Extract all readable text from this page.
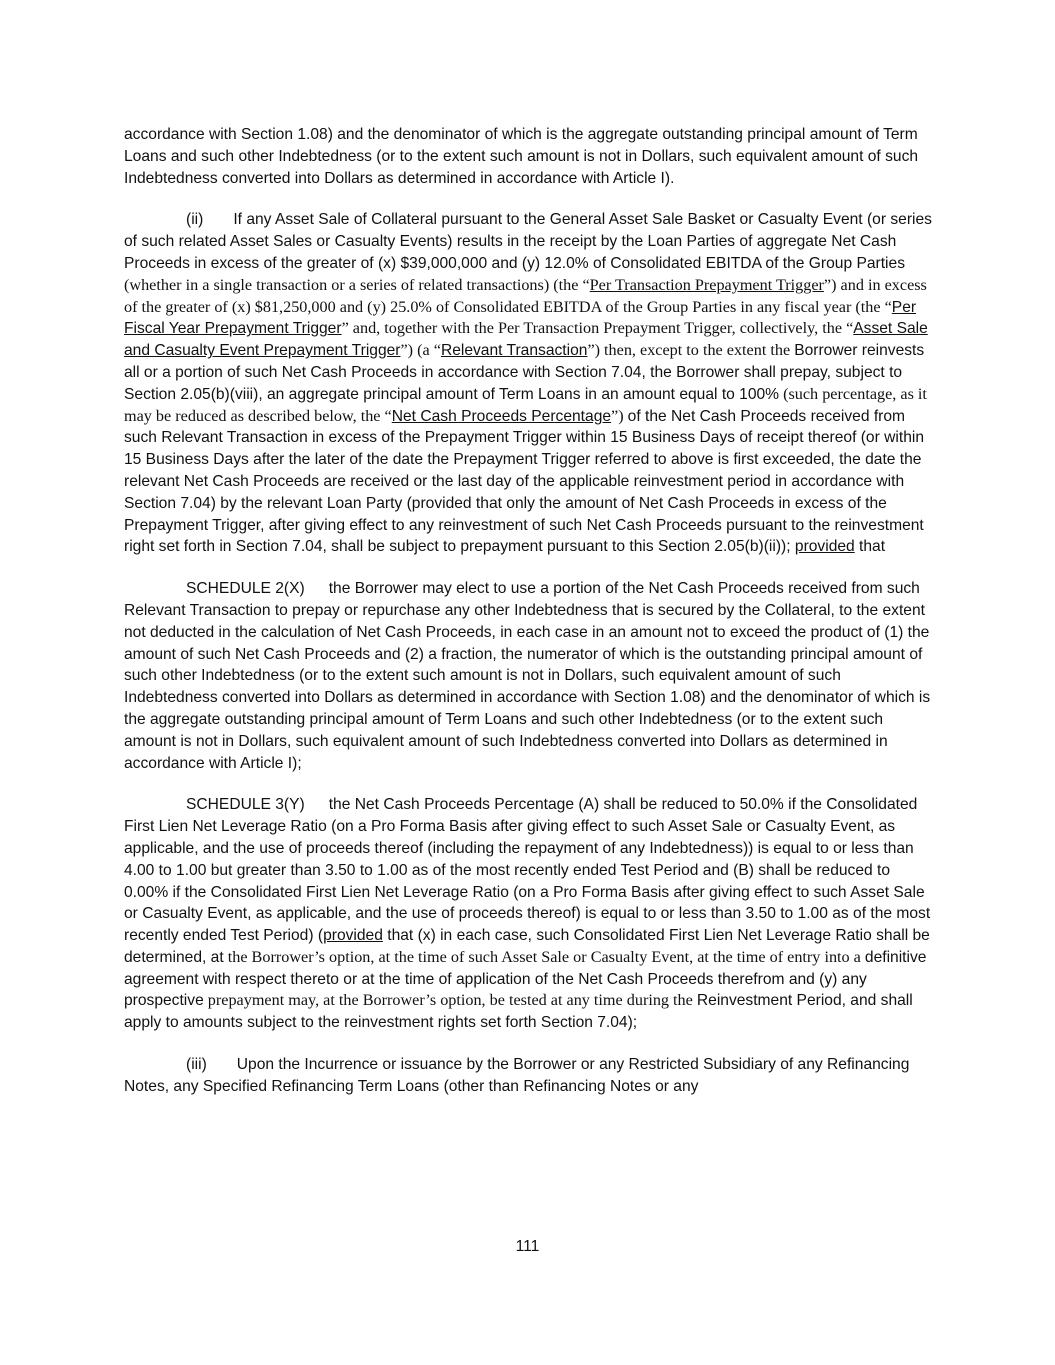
accordance with Section 1.08) and the denominator of which is the aggregate outstanding principal amount of Term Loans and such other Indebtedness (or to the extent such amount is not in Dollars, such equivalent amount of such Indebtedness converted into Dollars as determined in accordance with Article I).

(ii) If any Asset Sale of Collateral pursuant to the General Asset Sale Basket or Casualty Event (or series of such related Asset Sales or Casualty Events) results in the receipt by the Loan Parties of aggregate Net Cash Proceeds in excess of the greater of (x) $39,000,000 and (y) 12.0% of Consolidated EBITDA of the Group Parties (whether in a single transaction or a series of related transactions) (the “Per Transaction Prepayment Trigger”) and in excess of the greater of (x) $81,250,000 and (y) 25.0% of Consolidated EBITDA of the Group Parties in any fiscal year (the “Per Fiscal Year Prepayment Trigger” and, together with the Per Transaction Prepayment Trigger, collectively, the “Asset Sale and Casualty Event Prepayment Trigger”) (a “Relevant Transaction”) then, except to the extent the Borrower reinvests all or a portion of such Net Cash Proceeds in accordance with Section 7.04, the Borrower shall prepay, subject to Section 2.05(b)(viii), an aggregate principal amount of Term Loans in an amount equal to 100% (such percentage, as it may be reduced as described below, the “Net Cash Proceeds Percentage”) of the Net Cash Proceeds received from such Relevant Transaction in excess of the Prepayment Trigger within 15 Business Days of receipt thereof (or within 15 Business Days after the later of the date the Prepayment Trigger referred to above is first exceeded, the date the relevant Net Cash Proceeds are received or the last day of the applicable reinvestment period in accordance with Section 7.04) by the relevant Loan Party (provided that only the amount of Net Cash Proceeds in excess of the Prepayment Trigger, after giving effect to any reinvestment of such Net Cash Proceeds pursuant to the reinvestment right set forth in Section 7.04, shall be subject to prepayment pursuant to this Section 2.05(b)(ii)); provided that

SCHEDULE 2(X) the Borrower may elect to use a portion of the Net Cash Proceeds received from such Relevant Transaction to prepay or repurchase any other Indebtedness that is secured by the Collateral, to the extent not deducted in the calculation of Net Cash Proceeds, in each case in an amount not to exceed the product of (1) the amount of such Net Cash Proceeds and (2) a fraction, the numerator of which is the outstanding principal amount of such other Indebtedness (or to the extent such amount is not in Dollars, such equivalent amount of such Indebtedness converted into Dollars as determined in accordance with Section 1.08) and the denominator of which is the aggregate outstanding principal amount of Term Loans and such other Indebtedness (or to the extent such amount is not in Dollars, such equivalent amount of such Indebtedness converted into Dollars as determined in accordance with Article I);

SCHEDULE 3(Y) the Net Cash Proceeds Percentage (A) shall be reduced to 50.0% if the Consolidated First Lien Net Leverage Ratio (on a Pro Forma Basis after giving effect to such Asset Sale or Casualty Event, as applicable, and the use of proceeds thereof (including the repayment of any Indebtedness)) is equal to or less than 4.00 to 1.00 but greater than 3.50 to 1.00 as of the most recently ended Test Period and (B) shall be reduced to 0.00% if the Consolidated First Lien Net Leverage Ratio (on a Pro Forma Basis after giving effect to such Asset Sale or Casualty Event, as applicable, and the use of proceeds thereof) is equal to or less than 3.50 to 1.00 as of the most recently ended Test Period) (provided that (x) in each case, such Consolidated First Lien Net Leverage Ratio shall be determined, at the Borrower’s option, at the time of such Asset Sale or Casualty Event, at the time of entry into a definitive agreement with respect thereto or at the time of application of the Net Cash Proceeds therefrom and (y) any prospective prepayment may, at the Borrower’s option, be tested at any time during the Reinvestment Period, and shall apply to amounts subject to the reinvestment rights set forth Section 7.04);

(iii) Upon the Incurrence or issuance by the Borrower or any Restricted Subsidiary of any Refinancing Notes, any Specified Refinancing Term Loans (other than Refinancing Notes or any

111
